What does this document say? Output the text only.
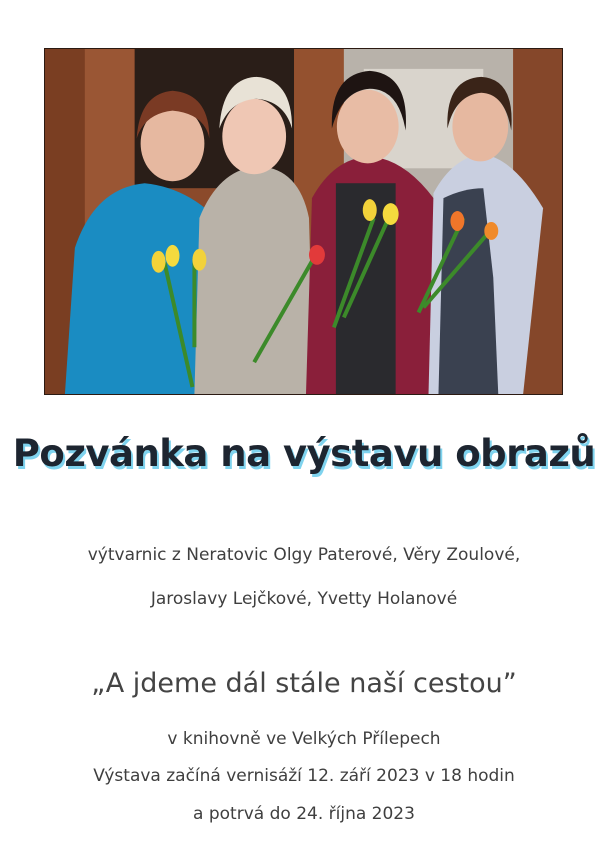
Pozvánka na výstavu obrazů
výtvarnic z Neratovic Olgy Paterové, Věry Zoulové,
Jaroslavy Lejčkové, Yvetty Holanové
„A jdeme dál stále naší cestou”
v knihovně ve Velkých Přílepech
Výstava začíná vernisáží 12. září 2023 v 18 hodin
a potrvá do 24. října 2023
